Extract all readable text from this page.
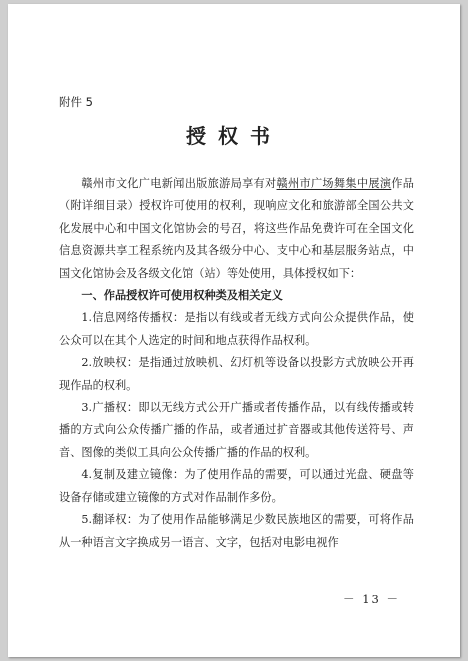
附件 5
授权书

赣州市文化广电新闻出版旅游局享有对赣州市广场舞集中展演作品（附详细目录）授权许可使用的权利，现响应文化和旅游部全国公共文化发展中心和中国文化馆协会的号召，将这些作品免费许可在全国文化信息资源共享工程系统内及其各级分中心、支中心和基层服务站点，中国文化馆协会及各级文化馆（站）等处使用，具体授权如下：

一、作品授权许可使用权种类及相关定义

1.信息网络传播权：是指以有线或者无线方式向公众提供作品，使公众可以在其个人选定的时间和地点获得作品权利。

2.放映权：是指通过放映机、幻灯机等设备以投影方式放映公开再现作品的权利。

3.广播权：即以无线方式公开广播或者传播作品，以有线传播或转播的方式向公众传播广播的作品，或者通过扩音器或其他传送符号、声音、图像的类似工具向公众传播广播的作品的权利。

4.复制及建立镜像：为了使用作品的需要，可以通过光盘、硬盘等设备存储或建立镜像的方式对作品制作多份。

5.翻译权：为了使用作品能够满足少数民族地区的需要，可将作品从一种语言文字换成另一语言、文字，包括对电影电视作

－ 13 －
